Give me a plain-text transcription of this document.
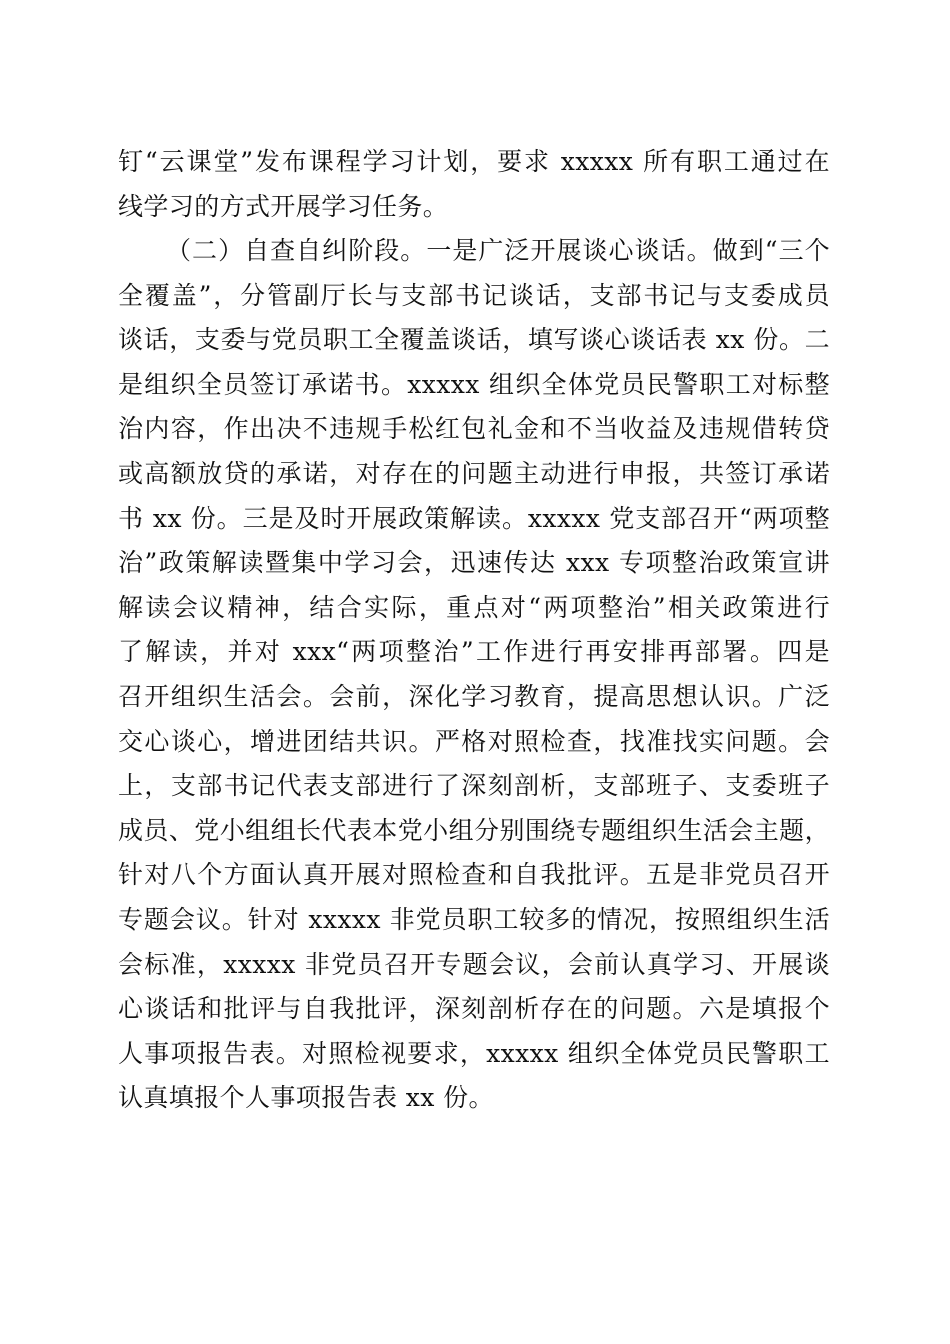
钉“云课堂”发布课程学习计划，要求 xxxxx 所有职工通过在
线学习的方式开展学习任务。
（二）自查自纠阶段。一是广泛开展谈心谈话。做到“三个
全覆盖”，分管副厅长与支部书记谈话，支部书记与支委成员
谈话，支委与党员职工全覆盖谈话，填写谈心谈话表 xx 份。二
是组织全员签订承诺书。xxxxx 组织全体党员民警职工对标整
治内容，作出决不违规手松红包礼金和不当收益及违规借转贷
或高额放贷的承诺，对存在的问题主动进行申报，共签订承诺
书 xx 份。三是及时开展政策解读。xxxxx 党支部召开“两项整
治”政策解读暨集中学习会，迅速传达 xxx 专项整治政策宣讲
解读会议精神，结合实际，重点对“两项整治”相关政策进行
了解读，并对 xxx“两项整治”工作进行再安排再部署。四是
召开组织生活会。会前，深化学习教育，提高思想认识。广泛
交心谈心，增进团结共识。严格对照检查，找准找实问题。会
上，支部书记代表支部进行了深刻剖析，支部班子、支委班子
成员、党小组组长代表本党小组分别围绕专题组织生活会主题，
针对八个方面认真开展对照检查和自我批评。五是非党员召开
专题会议。针对 xxxxx 非党员职工较多的情况，按照组织生活
会标准，xxxxx 非党员召开专题会议，会前认真学习、开展谈
心谈话和批评与自我批评，深刻剖析存在的问题。六是填报个
人事项报告表。对照检视要求，xxxxx 组织全体党员民警职工
认真填报个人事项报告表 xx 份。
